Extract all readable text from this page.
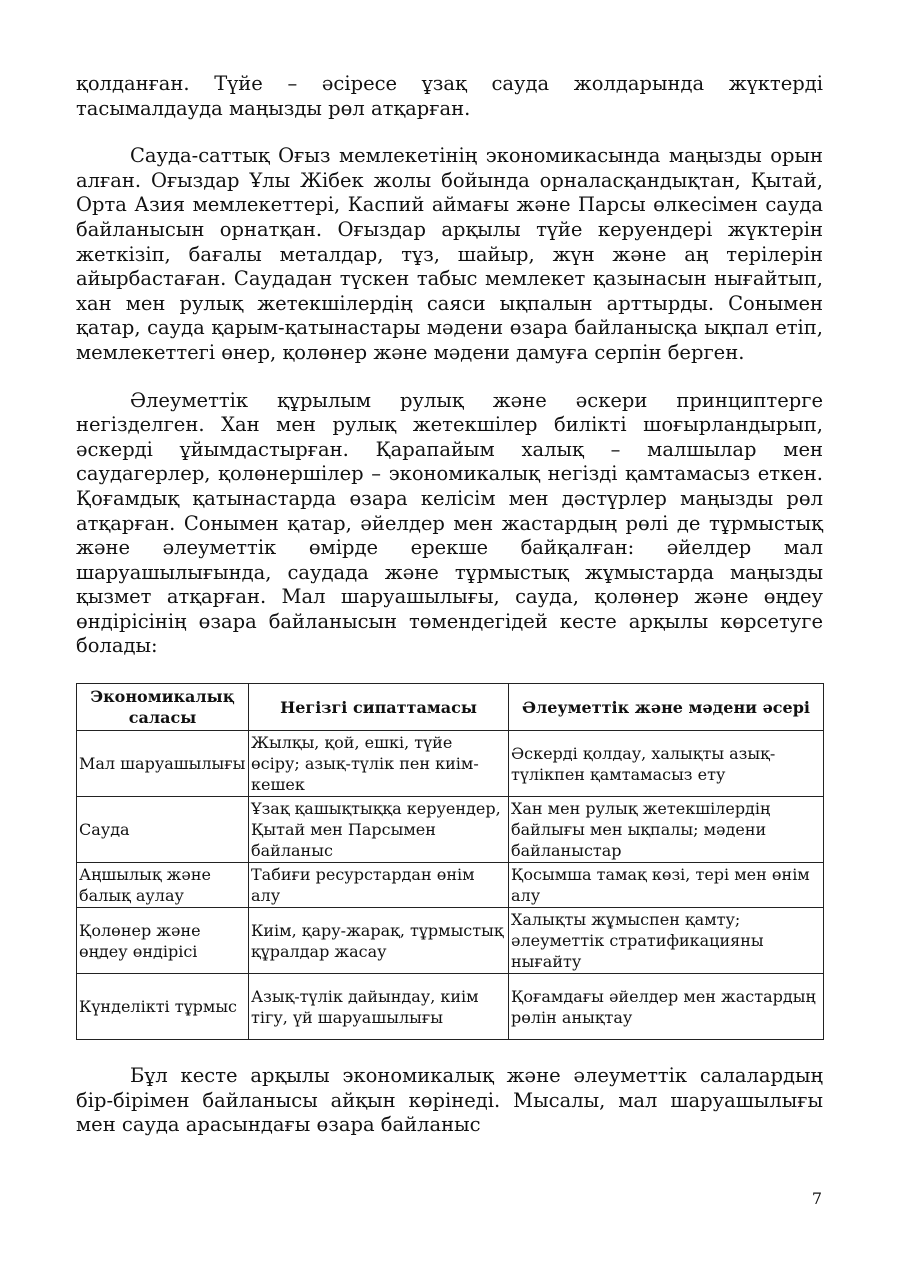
қолданған. Түйе – әсіресе ұзақ сауда жолдарында жүктерді тасымалдауда маңызды рөл атқарған.

Сауда-саттық Оғыз мемлекетінің экономикасында маңызды орын алған. Оғыздар Ұлы Жібек жолы бойында орналасқандықтан, Қытай, Орта Азия мемлекеттері, Каспий аймағы және Парсы өлкесімен сауда байланысын орнатқан. Оғыздар арқылы түйе керуендері жүктерін жеткізіп, бағалы металдар, тұз, шайыр, жүн және аң терілерін айырбастаған. Саудадан түскен табыс мемлекет қазынасын нығайтып, хан мен рулық жетекшілердің саяси ықпалын арттырды. Сонымен қатар, сауда қарым-қатынастары мәдени өзара байланысқа ықпал етіп, мемлекеттегі өнер, қолөнер және мәдени дамуға серпін берген.

Әлеуметтік құрылым рулық және әскери принциптерге негізделген. Хан мен рулық жетекшілер билікті шоғырландырып, әскерді ұйымдастырған. Қарапайым халық – малшылар мен саудагерлер, қолөнершілер – экономикалық негізді қамтамасыз еткен. Қоғамдық қатынастарда өзара келісім мен дәстүрлер маңызды рөл атқарған. Сонымен қатар, әйелдер мен жастардың рөлі де тұрмыстық және әлеуметтік өмірде ерекше байқалған: әйелдер мал шаруашылығында, саудада және тұрмыстық жұмыстарда маңызды қызмет атқарған. Мал шаруашылығы, сауда, қолөнер және өңдеу өндірісінің өзара байланысын төмендегідей кесте арқылы көрсетуге болады:

Экономикалық саласы	Негізгі сипаттамасы	Әлеуметтік және мәдени әсері
Мал шаруашылығы	Жылқы, қой, ешкі, түйе өсіру; азық-түлік пен киім-кешек	Әскерді қолдау, халықты азық-түлікпен қамтамасыз ету
Сауда	Ұзақ қашықтыққа керуендер, Қытай мен Парсымен байланыс	Хан мен рулық жетекшілердің байлығы мен ықпалы; мәдени байланыстар
Аңшылық және балық аулау	Табиғи ресурстардан өнім алу	Қосымша тамақ көзі, тері мен өнім алу
Қолөнер және өңдеу өндірісі	Киім, қару-жарақ, тұрмыстық құралдар жасау	Халықты жұмыспен қамту; әлеуметтік стратификацияны нығайту
Күнделікті тұрмыс	Азық-түлік дайындау, киім тігу, үй шаруашылығы	Қоғамдағы әйелдер мен жастардың рөлін анықтау

Бұл кесте арқылы экономикалық және әлеуметтік салалардың бір-бірімен байланысы айқын көрінеді. Мысалы, мал шаруашылығы мен сауда арасындағы өзара байланыс

7
